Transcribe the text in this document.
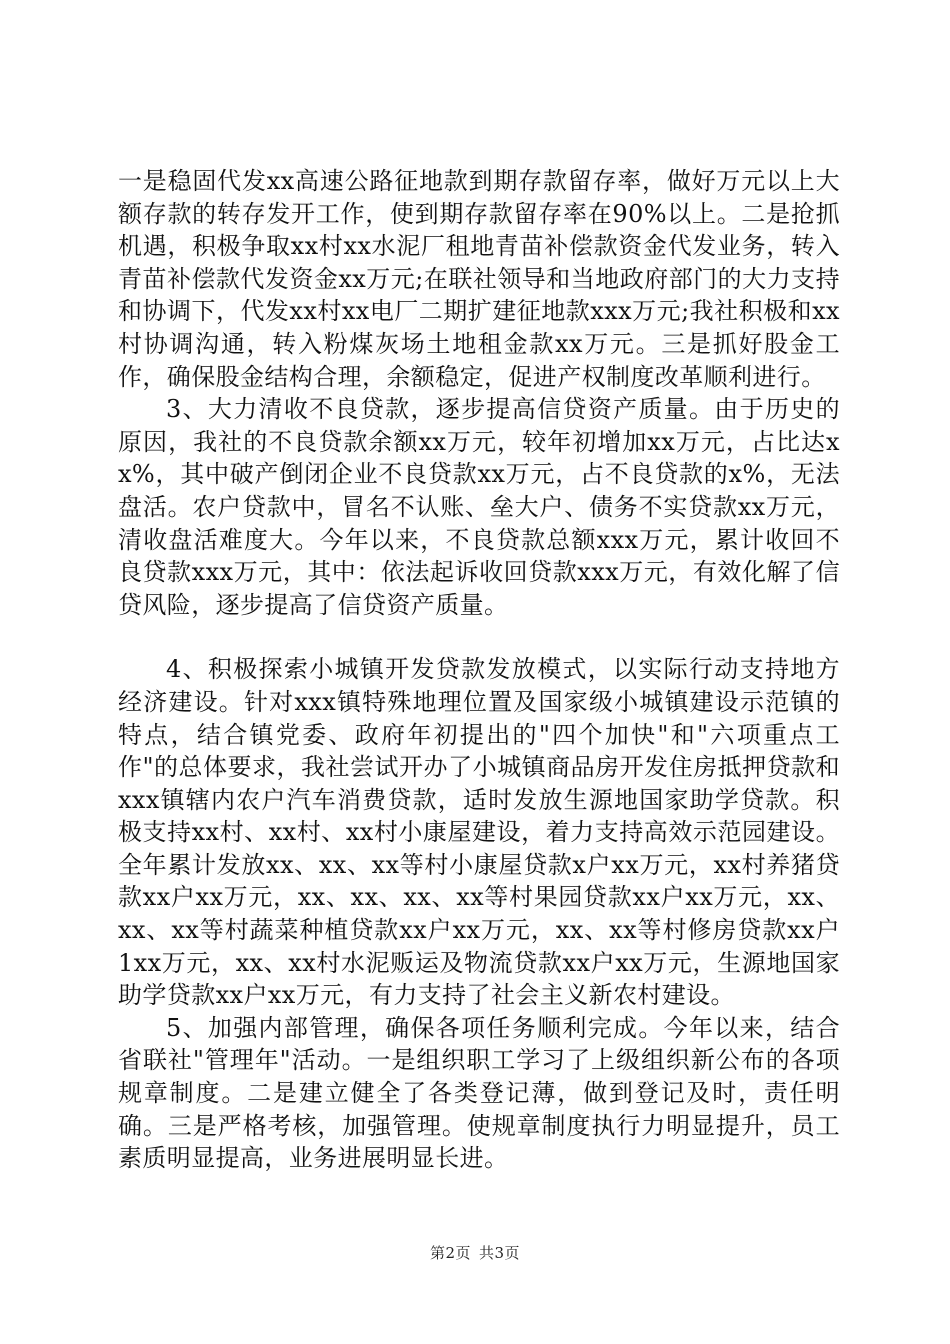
一是稳固代发xx高速公路征地款到期存款留存率，做好万元以上大额存款的转存发开工作，使到期存款留存率在90%以上。二是抢抓机遇，积极争取xx村xx水泥厂租地青苗补偿款资金代发业务，转入青苗补偿款代发资金xx万元;在联社领导和当地政府部门的大力支持和协调下，代发xx村xx电厂二期扩建征地款xxx万元;我社积极和xx村协调沟通，转入粉煤灰场土地租金款xx万元。三是抓好股金工作，确保股金结构合理，余额稳定，促进产权制度改革顺利进行。

3、大力清收不良贷款，逐步提高信贷资产质量。由于历史的原因，我社的不良贷款余额xx万元，较年初增加xx万元，占比达xx%，其中破产倒闭企业不良贷款xx万元，占不良贷款的x%，无法盘活。农户贷款中，冒名不认账、垒大户、债务不实贷款xx万元，清收盘活难度大。今年以来，不良贷款总额xxx万元，累计收回不良贷款xxx万元，其中：依法起诉收回贷款xxx万元，有效化解了信贷风险，逐步提高了信贷资产质量。

4、积极探索小城镇开发贷款发放模式，以实际行动支持地方经济建设。针对xxx镇特殊地理位置及国家级小城镇建设示范镇的特点，结合镇党委、政府年初提出的"四个加快"和"六项重点工作"的总体要求，我社尝试开办了小城镇商品房开发住房抵押贷款和xxx镇辖内农户汽车消费贷款，适时发放生源地国家助学贷款。积极支持xx村、xx村、xx村小康屋建设，着力支持高效示范园建设。全年累计发放xx、xx、xx等村小康屋贷款x户xx万元，xx村养猪贷款xx户xx万元，xx、xx、xx、xx等村果园贷款xx户xx万元，xx、xx、xx等村蔬菜种植贷款xx户xx万元，xx、xx等村修房贷款xx户1xx万元，xx、xx村水泥贩运及物流贷款xx户xx万元，生源地国家助学贷款xx户xx万元，有力支持了社会主义新农村建设。

5、加强内部管理，确保各项任务顺利完成。今年以来，结合省联社"管理年"活动。一是组织职工学习了上级组织新公布的各项规章制度。二是建立健全了各类登记薄，做到登记及时，责任明确。三是严格考核，加强管理。使规章制度执行力明显提升，员工素质明显提高，业务进展明显长进。

第2页 共3页
